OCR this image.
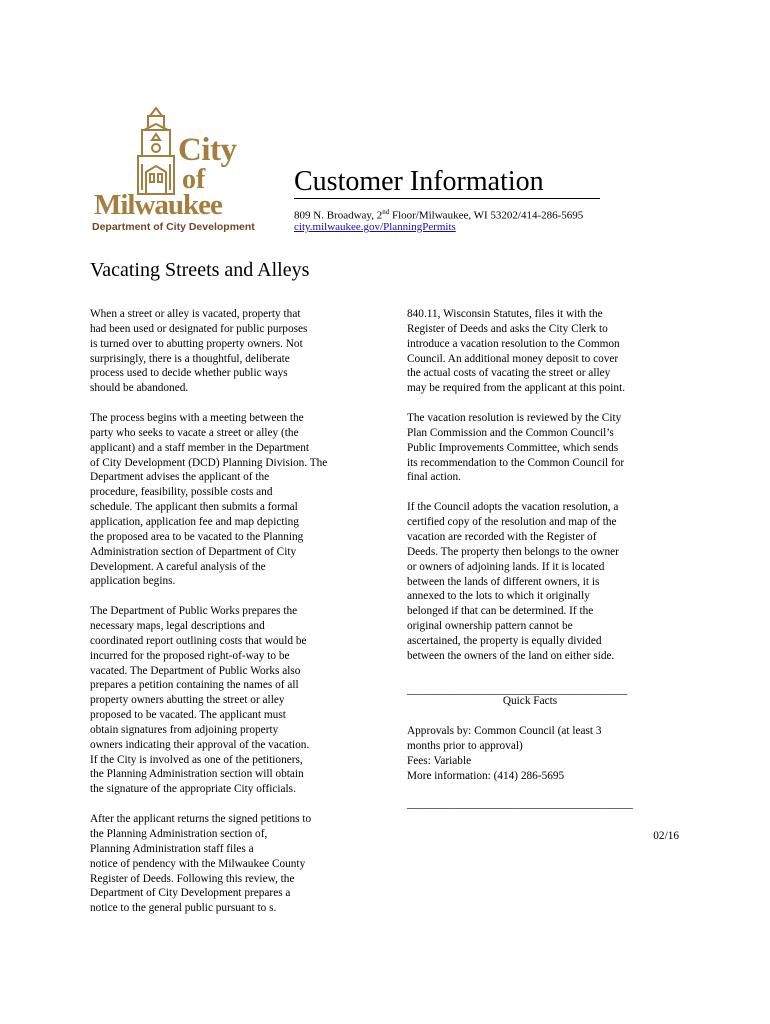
City
of
Milwaukee
Department of City Development
Customer Information
809 N. Broadway, 2nd Floor/Milwaukee, WI 53202/414-286-5695
city.milwaukee.gov/PlanningPermits
Vacating Streets and Alleys

When a street or alley is vacated, property that
had been used or designated for public purposes
is turned over to abutting property owners. Not
surprisingly, there is a thoughtful, deliberate
process used to decide whether public ways
should be abandoned.

The process begins with a meeting between the
party who seeks to vacate a street or alley (the
applicant) and a staff member in the Department
of City Development (DCD) Planning Division. The
Department advises the applicant of the
procedure, feasibility, possible costs and
schedule. The applicant then submits a formal
application, application fee and map depicting
the proposed area to be vacated to the Planning
Administration section of Department of City
Development. A careful analysis of the
application begins.

The Department of Public Works prepares the
necessary maps, legal descriptions and
coordinated report outlining costs that would be
incurred for the proposed right-of-way to be
vacated. The Department of Public Works also
prepares a petition containing the names of all
property owners abutting the street or alley
proposed to be vacated. The applicant must
obtain signatures from adjoining property
owners indicating their approval of the vacation.
If the City is involved as one of the petitioners,
the Planning Administration section will obtain
the signature of the appropriate City officials.

After the applicant returns the signed petitions to
the Planning Administration section of,
Planning Administration staff files a
notice of pendency with the Milwaukee County
Register of Deeds. Following this review, the
Department of City Development prepares a
notice to the general public pursuant to s.

840.11, Wisconsin Statutes, files it with the
Register of Deeds and asks the City Clerk to
introduce a vacation resolution to the Common
Council. An additional money deposit to cover
the actual costs of vacating the street or alley
may be required from the applicant at this point.

The vacation resolution is reviewed by the City
Plan Commission and the Common Council’s
Public Improvements Committee, which sends
its recommendation to the Common Council for
final action.

If the Council adopts the vacation resolution, a
certified copy of the resolution and map of the
vacation are recorded with the Register of
Deeds. The property then belongs to the owner
or owners of adjoining lands. If it is located
between the lands of different owners, it is
annexed to the lots to which it originally
belonged if that can be determined. If the
original ownership pattern cannot be
ascertained, the property is equally divided
between the owners of the land on either side.

_______________________________________
Quick Facts
Approvals by: Common Council (at least 3
months prior to approval)
Fees: Variable
More information: (414) 286-5695
________________________________________
02/16
